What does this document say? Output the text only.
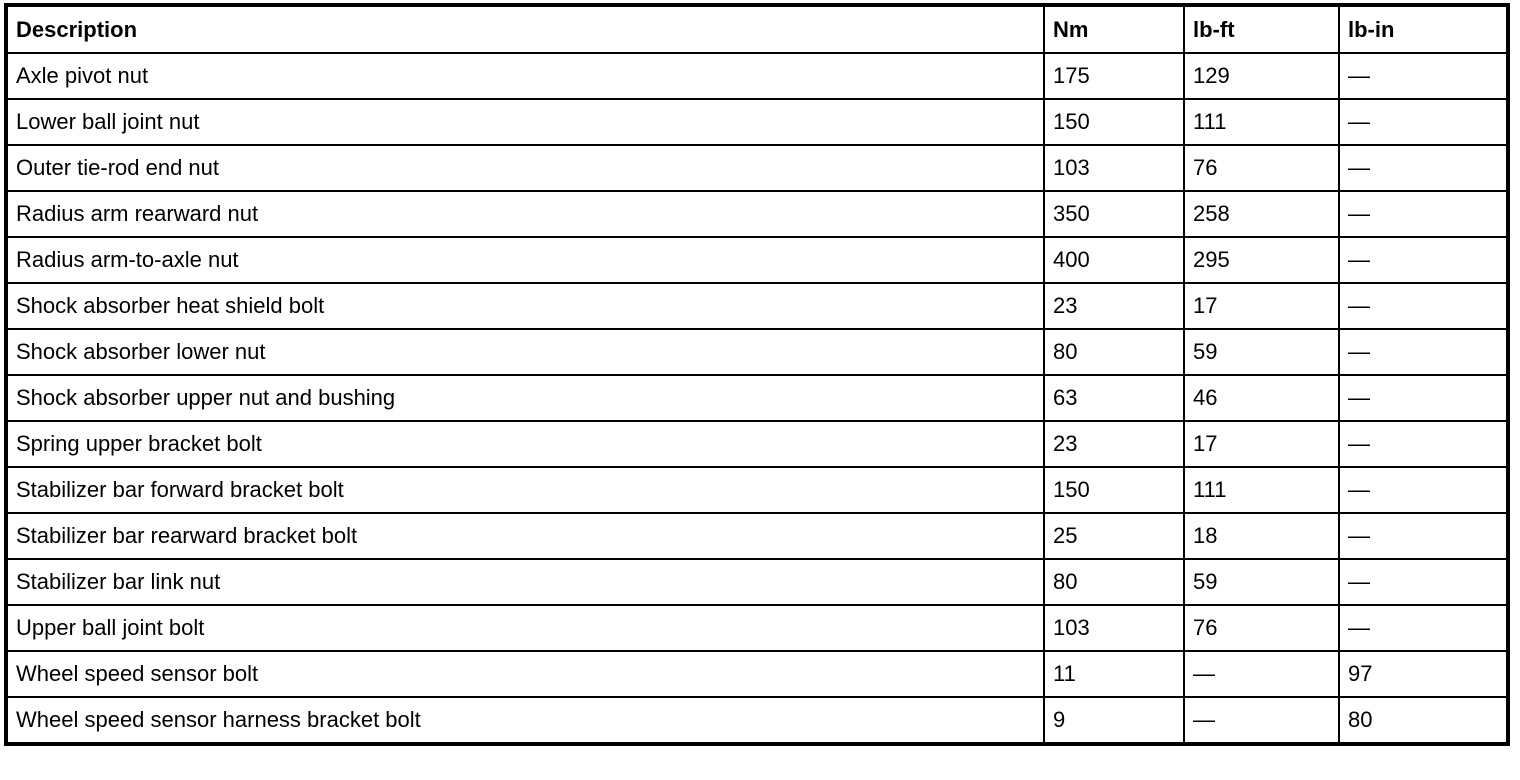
Description	Nm	lb-ft	lb-in
Axle pivot nut	175	129	—
Lower ball joint nut	150	111	—
Outer tie-rod end nut	103	76	—
Radius arm rearward nut	350	258	—
Radius arm-to-axle nut	400	295	—
Shock absorber heat shield bolt	23	17	—
Shock absorber lower nut	80	59	—
Shock absorber upper nut and bushing	63	46	—
Spring upper bracket bolt	23	17	—
Stabilizer bar forward bracket bolt	150	111	—
Stabilizer bar rearward bracket bolt	25	18	—
Stabilizer bar link nut	80	59	—
Upper ball joint bolt	103	76	—
Wheel speed sensor bolt	11	—	97
Wheel speed sensor harness bracket bolt	9	—	80
